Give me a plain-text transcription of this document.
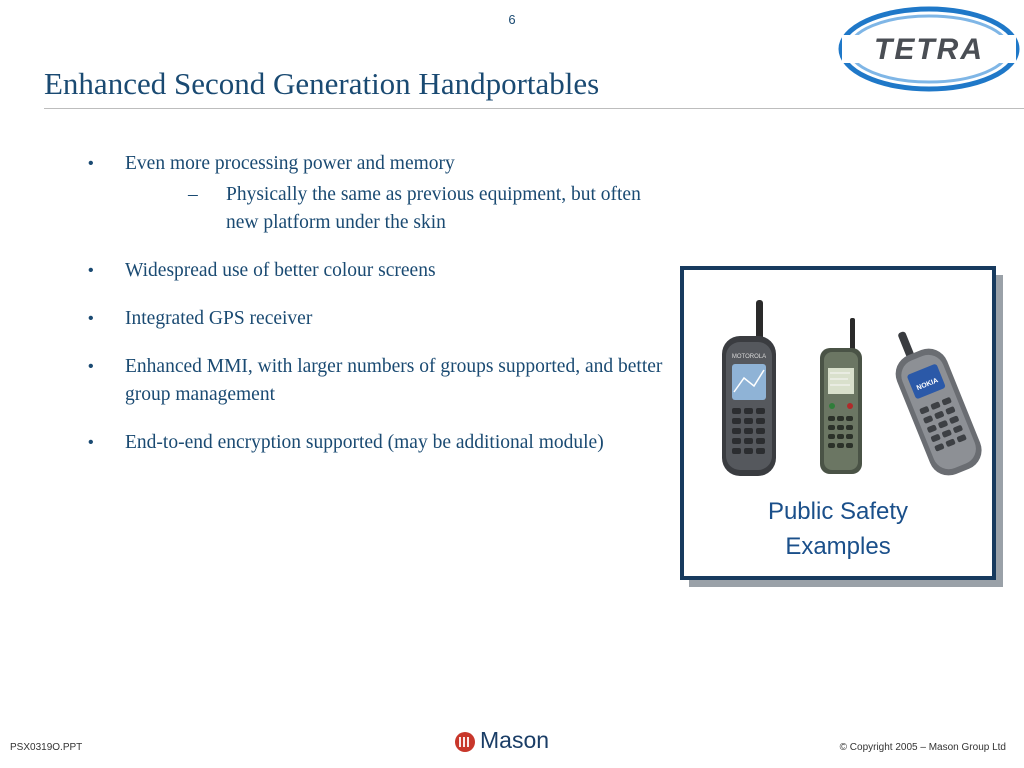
6
TETRA
Enhanced Second Generation Handportables
• Even more processing power and memory
–	Physically the same as previous equipment, but often new platform under the skin
• Widespread use of better colour screens
• Integrated GPS receiver
• Enhanced MMI, with larger numbers of groups supported, and better group management
• End-to-end encryption supported (may be additional module)
MOTOROLA
NOKIA
Public Safety
Examples
PSX0319O.PPT	Mason	© Copyright 2005 – Mason Group Ltd
